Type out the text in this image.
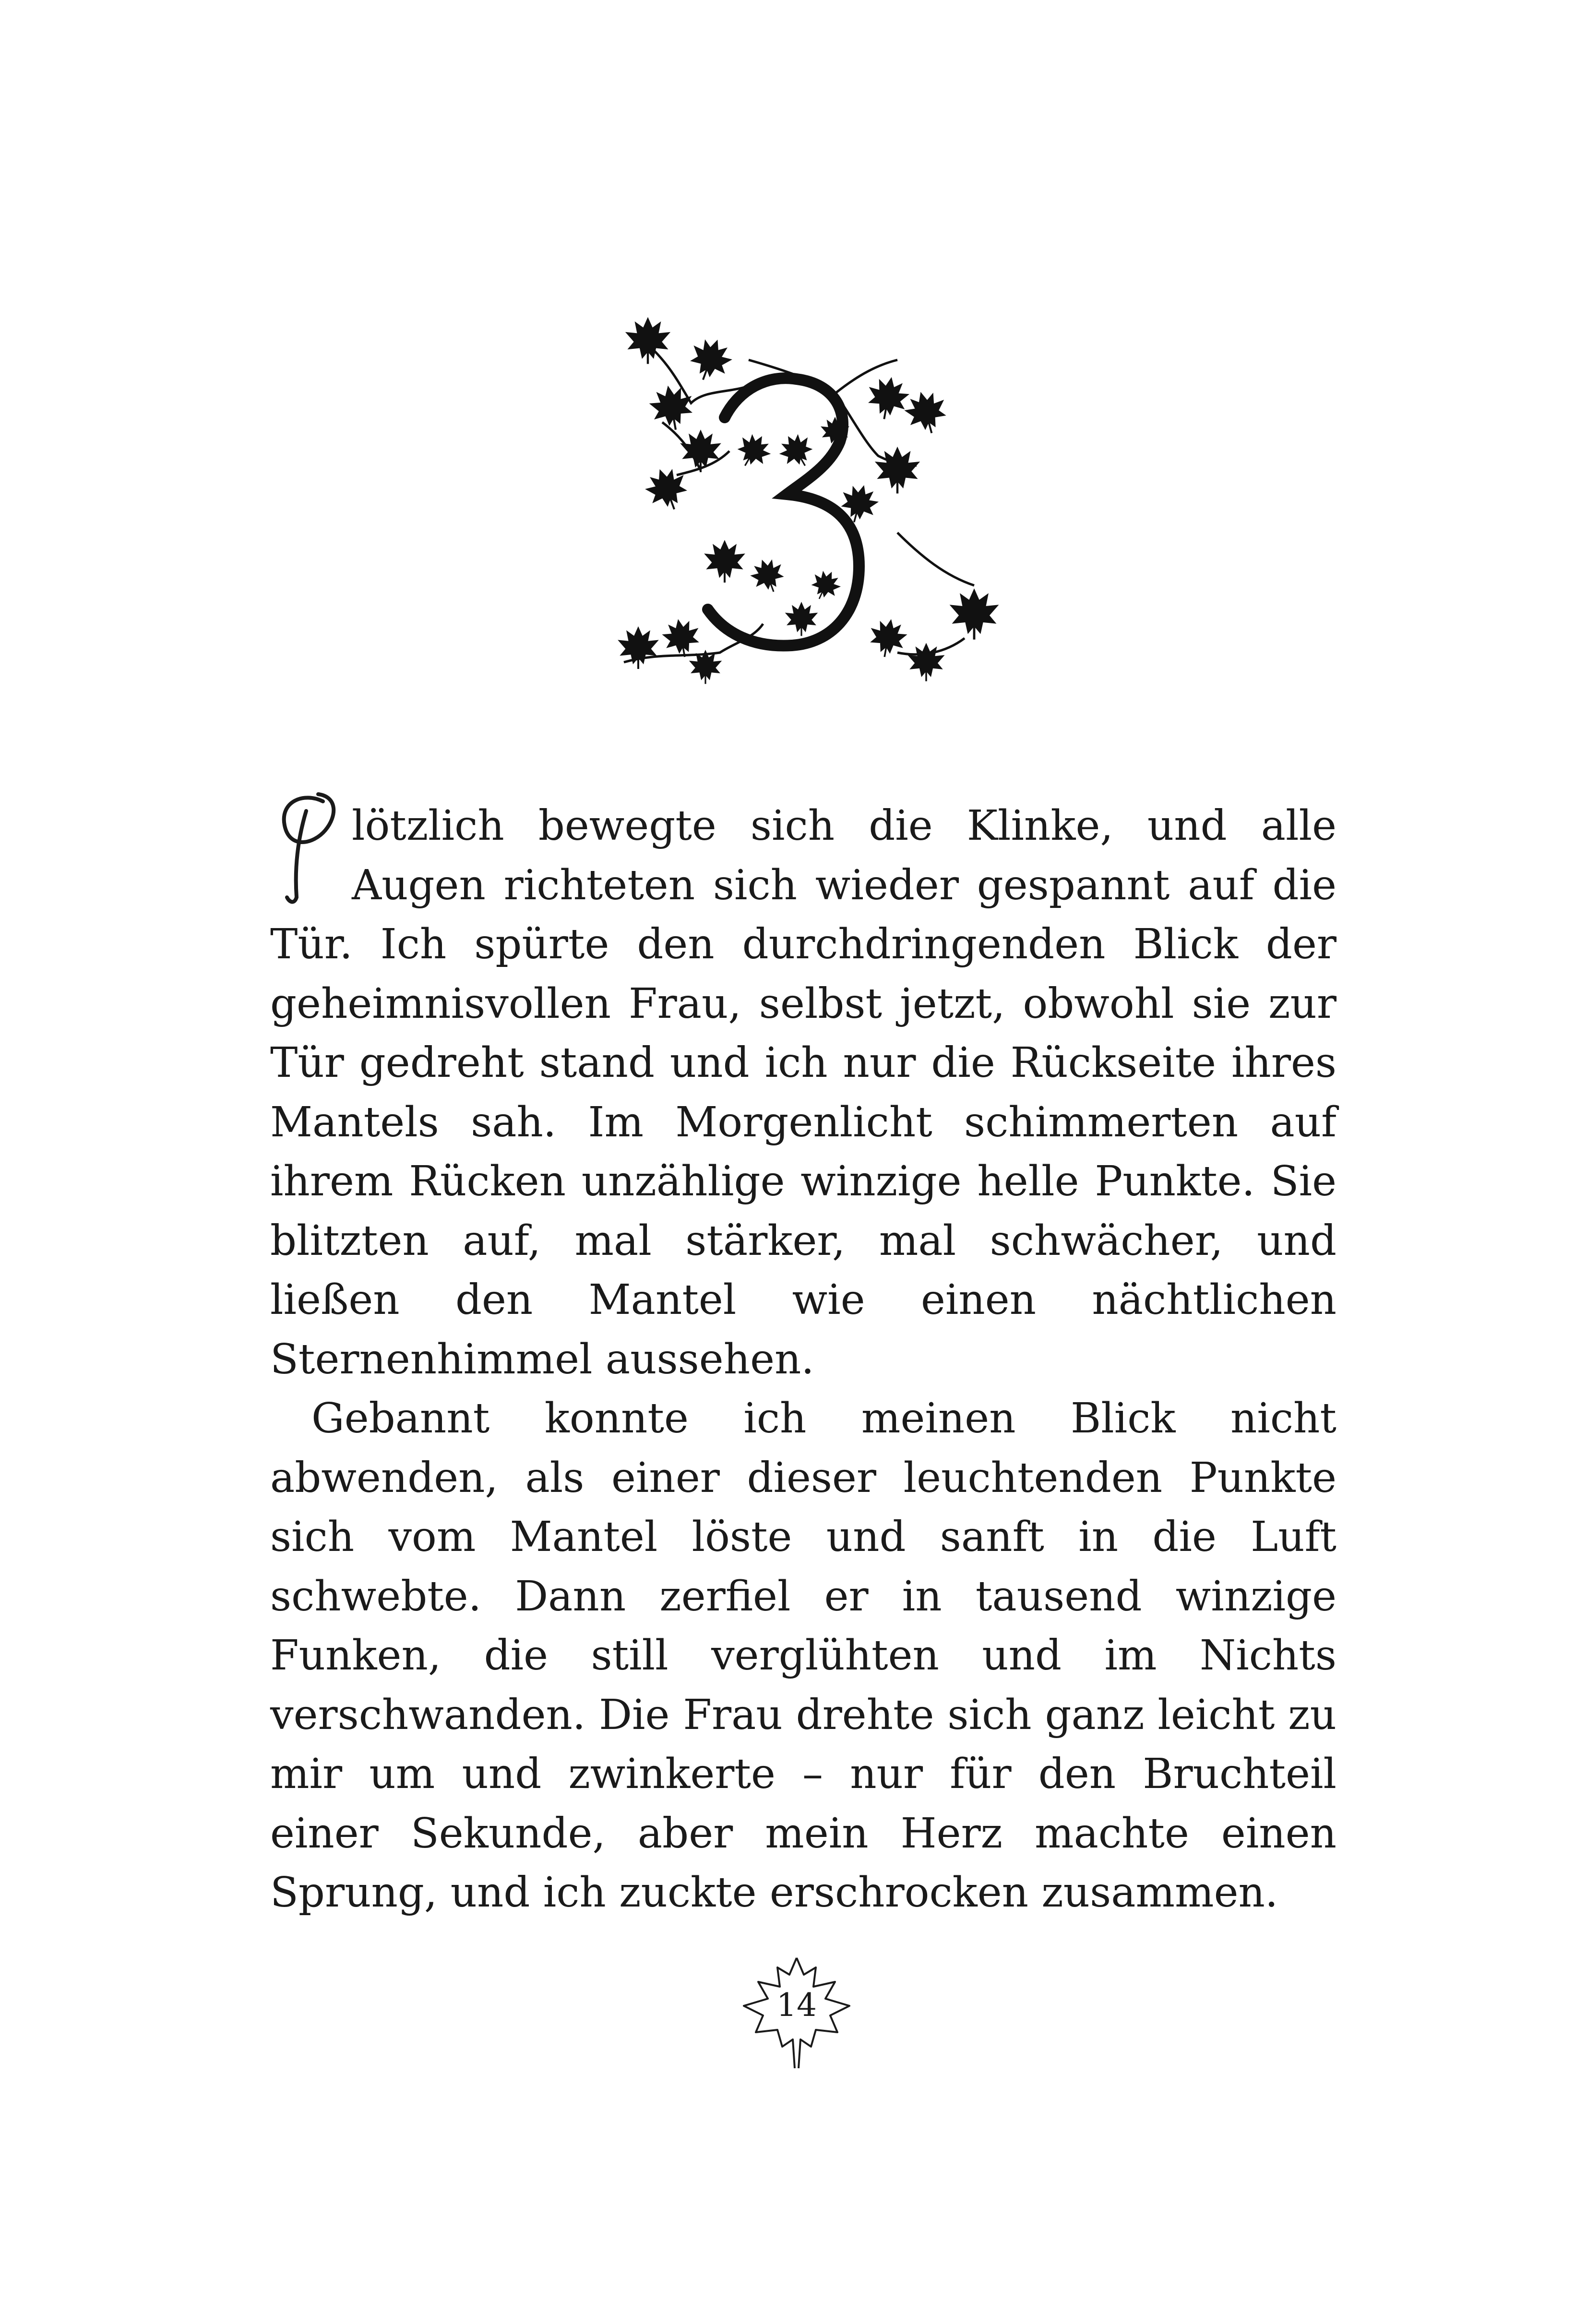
lötzlich bewegte sich die Klinke, und alle Augen richteten sich wieder gespannt auf die Tür. Ich spürte den durchdringenden Blick der geheimnisvollen Frau, selbst jetzt, obwohl sie zur Tür gedreht stand und ich nur die Rückseite ihres Mantels sah. Im Morgenlicht schimmerten auf ihrem Rücken unzählige winzige helle Punkte. Sie blitzten auf, mal stärker, mal schwächer, und ließen den Mantel wie einen nächtlichen Sternenhimmel aussehen.

Gebannt konnte ich meinen Blick nicht abwenden, als einer dieser leuchtenden Punkte sich vom Mantel löste und sanft in die Luft schwebte. Dann zerfiel er in tausend winzige Funken, die still verglühten und im Nichts verschwanden. Die Frau drehte sich ganz leicht zu mir um und zwinkerte – nur für den Bruchteil einer Sekunde, aber mein Herz machte einen Sprung, und ich zuckte erschrocken zusammen.

14
